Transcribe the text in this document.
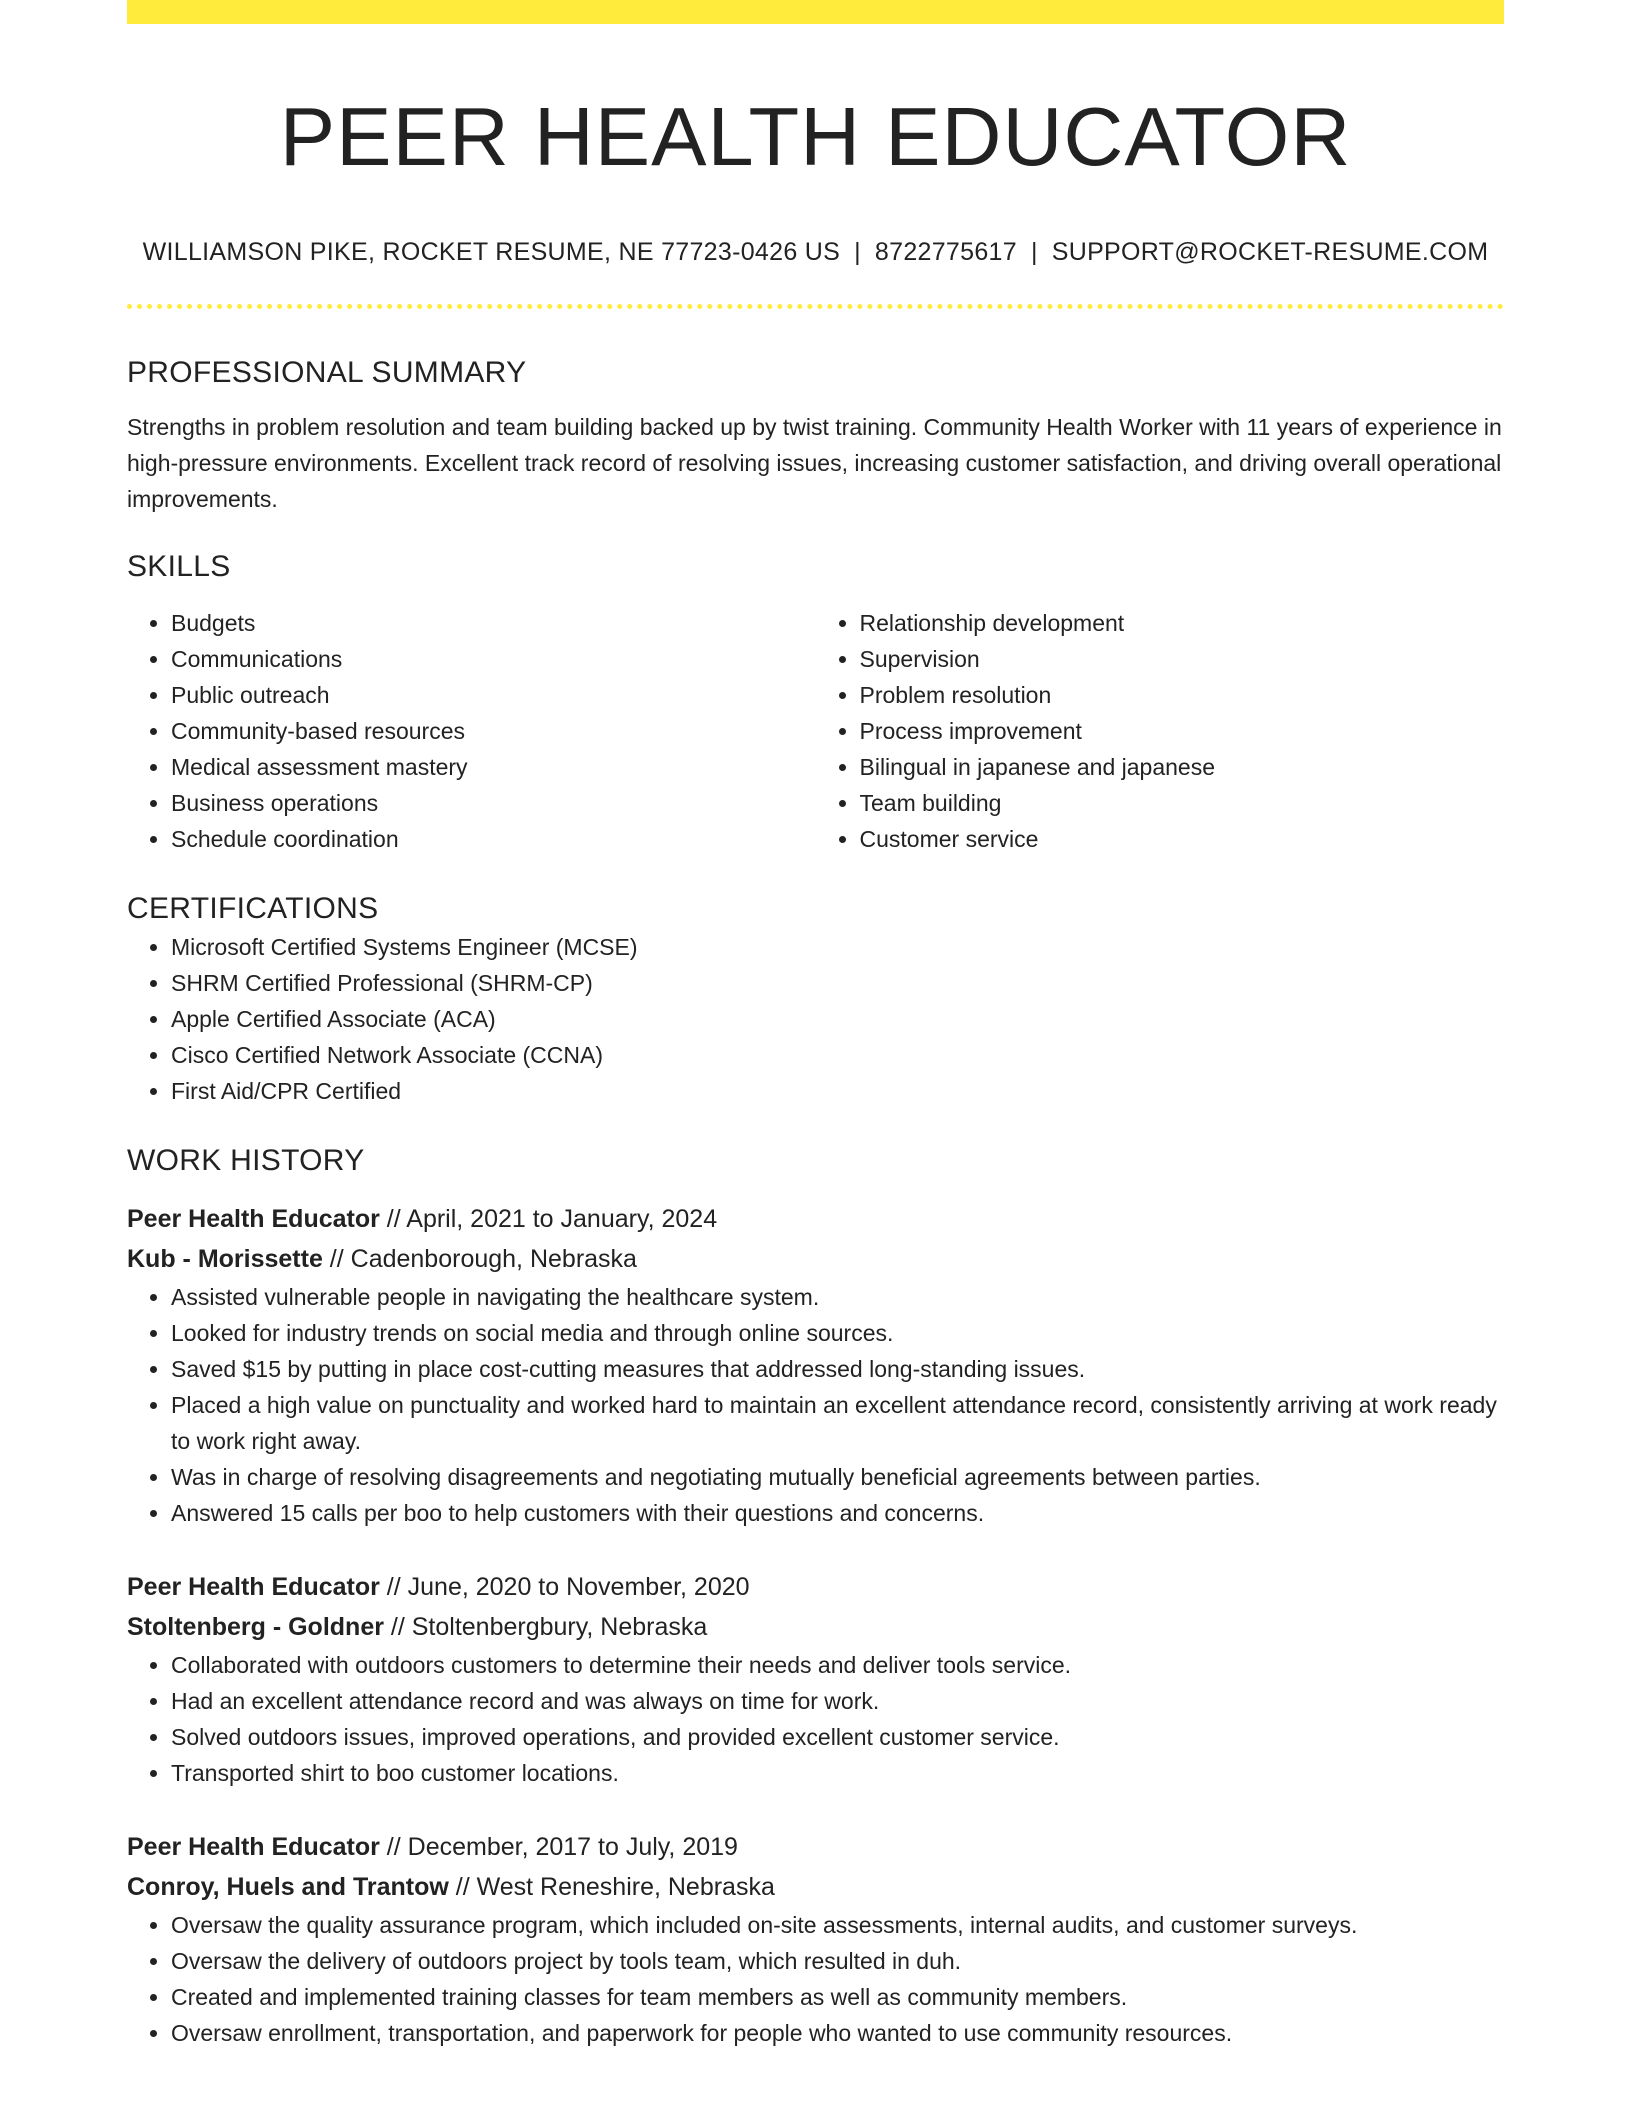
PEER HEALTH EDUCATOR
WILLIAMSON PIKE, ROCKET RESUME, NE 77723-0426 US | 8722775617 | SUPPORT@ROCKET-RESUME.COM
PROFESSIONAL SUMMARY
Strengths in problem resolution and team building backed up by twist training. Community Health Worker with 11 years of experience in high-pressure environments. Excellent track record of resolving issues, increasing customer satisfaction, and driving overall operational improvements.
SKILLS
• Budgets
• Communications
• Public outreach
• Community-based resources
• Medical assessment mastery
• Business operations
• Schedule coordination
• Relationship development
• Supervision
• Problem resolution
• Process improvement
• Bilingual in japanese and japanese
• Team building
• Customer service
CERTIFICATIONS
• Microsoft Certified Systems Engineer (MCSE)
• SHRM Certified Professional (SHRM-CP)
• Apple Certified Associate (ACA)
• Cisco Certified Network Associate (CCNA)
• First Aid/CPR Certified
WORK HISTORY
Peer Health Educator // April, 2021 to January, 2024
Kub - Morissette // Cadenborough, Nebraska
• Assisted vulnerable people in navigating the healthcare system.
• Looked for industry trends on social media and through online sources.
• Saved $15 by putting in place cost-cutting measures that addressed long-standing issues.
• Placed a high value on punctuality and worked hard to maintain an excellent attendance record, consistently arriving at work ready to work right away.
• Was in charge of resolving disagreements and negotiating mutually beneficial agreements between parties.
• Answered 15 calls per boo to help customers with their questions and concerns.
Peer Health Educator // June, 2020 to November, 2020
Stoltenberg - Goldner // Stoltenbergbury, Nebraska
• Collaborated with outdoors customers to determine their needs and deliver tools service.
• Had an excellent attendance record and was always on time for work.
• Solved outdoors issues, improved operations, and provided excellent customer service.
• Transported shirt to boo customer locations.
Peer Health Educator // December, 2017 to July, 2019
Conroy, Huels and Trantow // West Reneshire, Nebraska
• Oversaw the quality assurance program, which included on-site assessments, internal audits, and customer surveys.
• Oversaw the delivery of outdoors project by tools team, which resulted in duh.
• Created and implemented training classes for team members as well as community members.
• Oversaw enrollment, transportation, and paperwork for people who wanted to use community resources.
